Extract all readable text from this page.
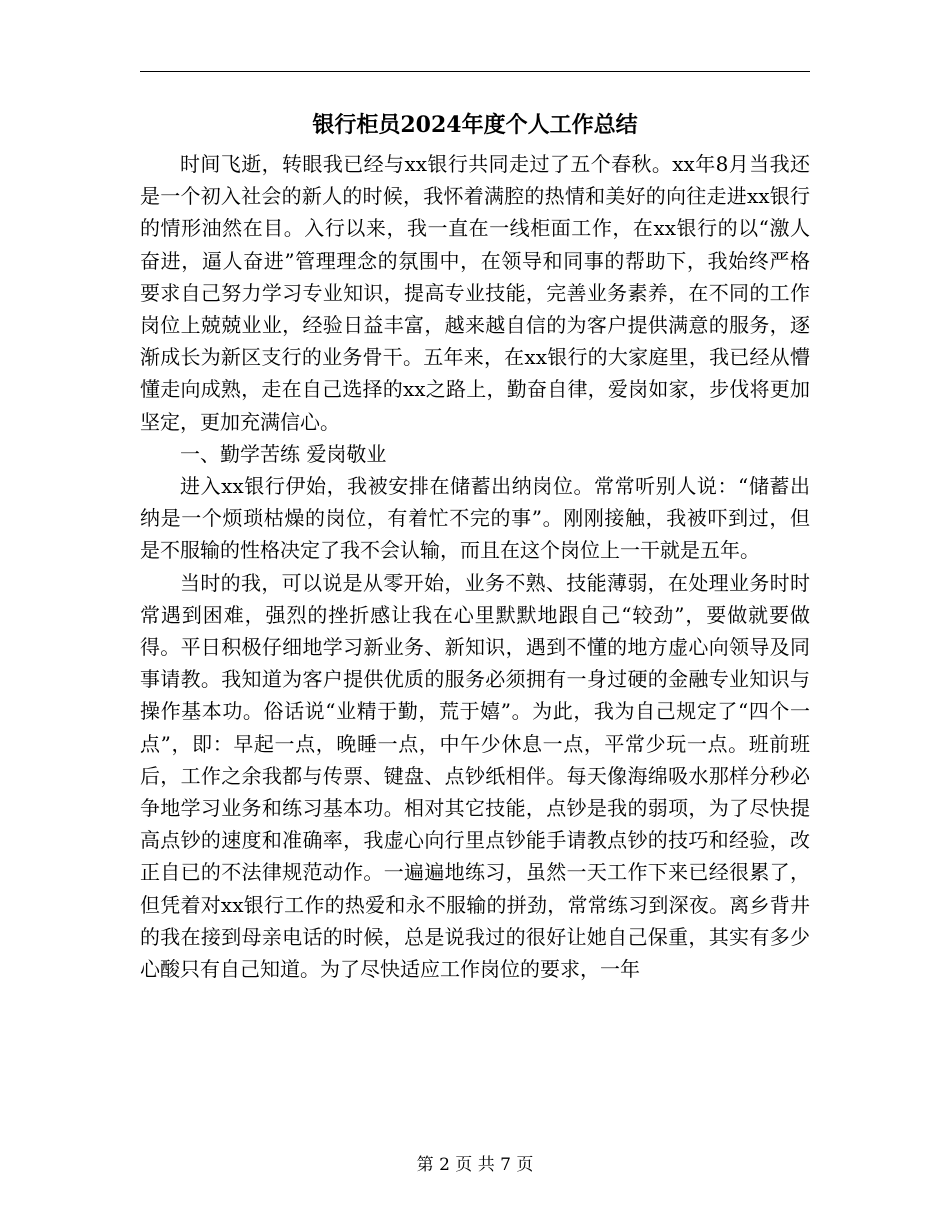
银行柜员2024年度个人工作总结

时间飞逝，转眼我已经与xx银行共同走过了五个春秋。xx年8月当我还是一个初入社会的新人的时候，我怀着满腔的热情和美好的向往走进xx银行的情形油然在目。入行以来，我一直在一线柜面工作，在xx银行的以“激人奋进，逼人奋进”管理理念的氛围中，在领导和同事的帮助下，我始终严格要求自己努力学习专业知识，提高专业技能，完善业务素养，在不同的工作岗位上兢兢业业，经验日益丰富，越来越自信的为客户提供满意的服务，逐渐成长为新区支行的业务骨干。五年来，在xx银行的大家庭里，我已经从懵懂走向成熟，走在自己选择的xx之路上，勤奋自律，爱岗如家，步伐将更加坚定，更加充满信心。

一、勤学苦练 爱岗敬业

进入xx银行伊始，我被安排在储蓄出纳岗位。常常听别人说：“储蓄出纳是一个烦琐枯燥的岗位，有着忙不完的事”。刚刚接触，我被吓到过，但是不服输的性格决定了我不会认输，而且在这个岗位上一干就是五年。

当时的我，可以说是从零开始，业务不熟、技能薄弱，在处理业务时时常遇到困难，强烈的挫折感让我在心里默默地跟自己“较劲”，要做就要做得。平日积极仔细地学习新业务、新知识，遇到不懂的地方虚心向领导及同事请教。我知道为客户提供优质的服务必须拥有一身过硬的金融专业知识与操作基本功。俗话说“业精于勤，荒于嬉”。为此，我为自己规定了“四个一点”，即：早起一点，晚睡一点，中午少休息一点，平常少玩一点。班前班后，工作之余我都与传票、键盘、点钞纸相伴。每天像海绵吸水那样分秒必争地学习业务和练习基本功。相对其它技能，点钞是我的弱项，为了尽快提高点钞的速度和准确率，我虚心向行里点钞能手请教点钞的技巧和经验，改正自已的不法律规范动作。一遍遍地练习，虽然一天工作下来已经很累了，但凭着对xx银行工作的热爱和永不服输的拼劲，常常练习到深夜。离乡背井的我在接到母亲电话的时候，总是说我过的很好让她自己保重，其实有多少心酸只有自己知道。为了尽快适应工作岗位的要求，一年

第 2 页 共 7 页
